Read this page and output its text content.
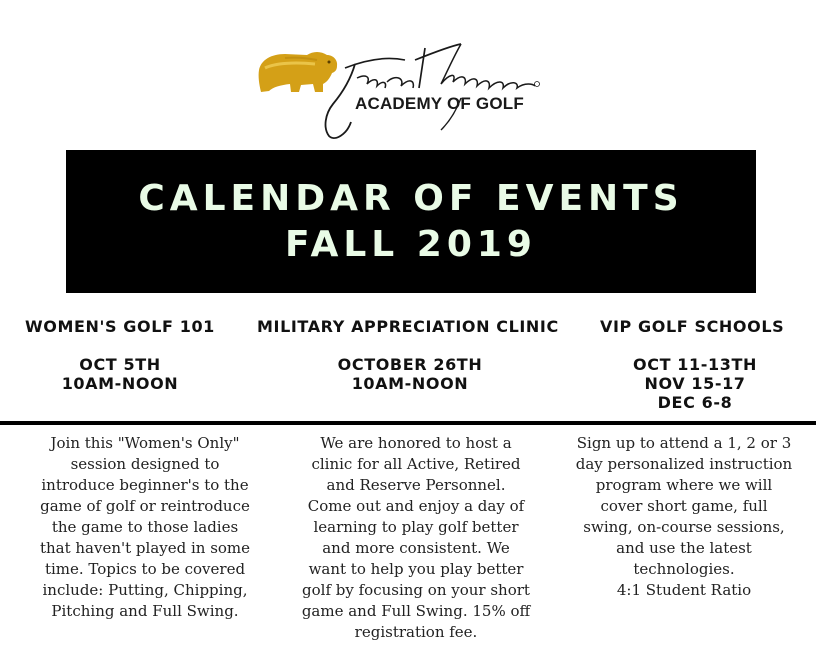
ACADEMY OF GOLF
CALENDAR OF EVENTS
FALL 2019
WOMEN'S GOLF 101	MILITARY APPRECIATION CLINIC	VIP GOLF SCHOOLS
OCT 5TH
10AM-NOON
OCTOBER 26TH
10AM-NOON
OCT 11-13TH
NOV 15-17
DEC 6-8
Join this "Women's Only"
session designed to
introduce beginner's to the
game of golf or reintroduce
the game to those ladies
that haven't played in some
time. Topics to be covered
include: Putting, Chipping,
Pitching and Full Swing.
We are honored to host a
clinic for all Active, Retired
and Reserve Personnel.
Come out and enjoy a day of
learning to play golf better
and more consistent. We
want to help you play better
golf by focusing on your short
game and Full Swing. 15% off
registration fee.
Sign up to attend a 1, 2 or 3
day personalized instruction
program where we will
cover short game, full
swing, on-course sessions,
and use the latest
technologies.
4:1 Student Ratio
